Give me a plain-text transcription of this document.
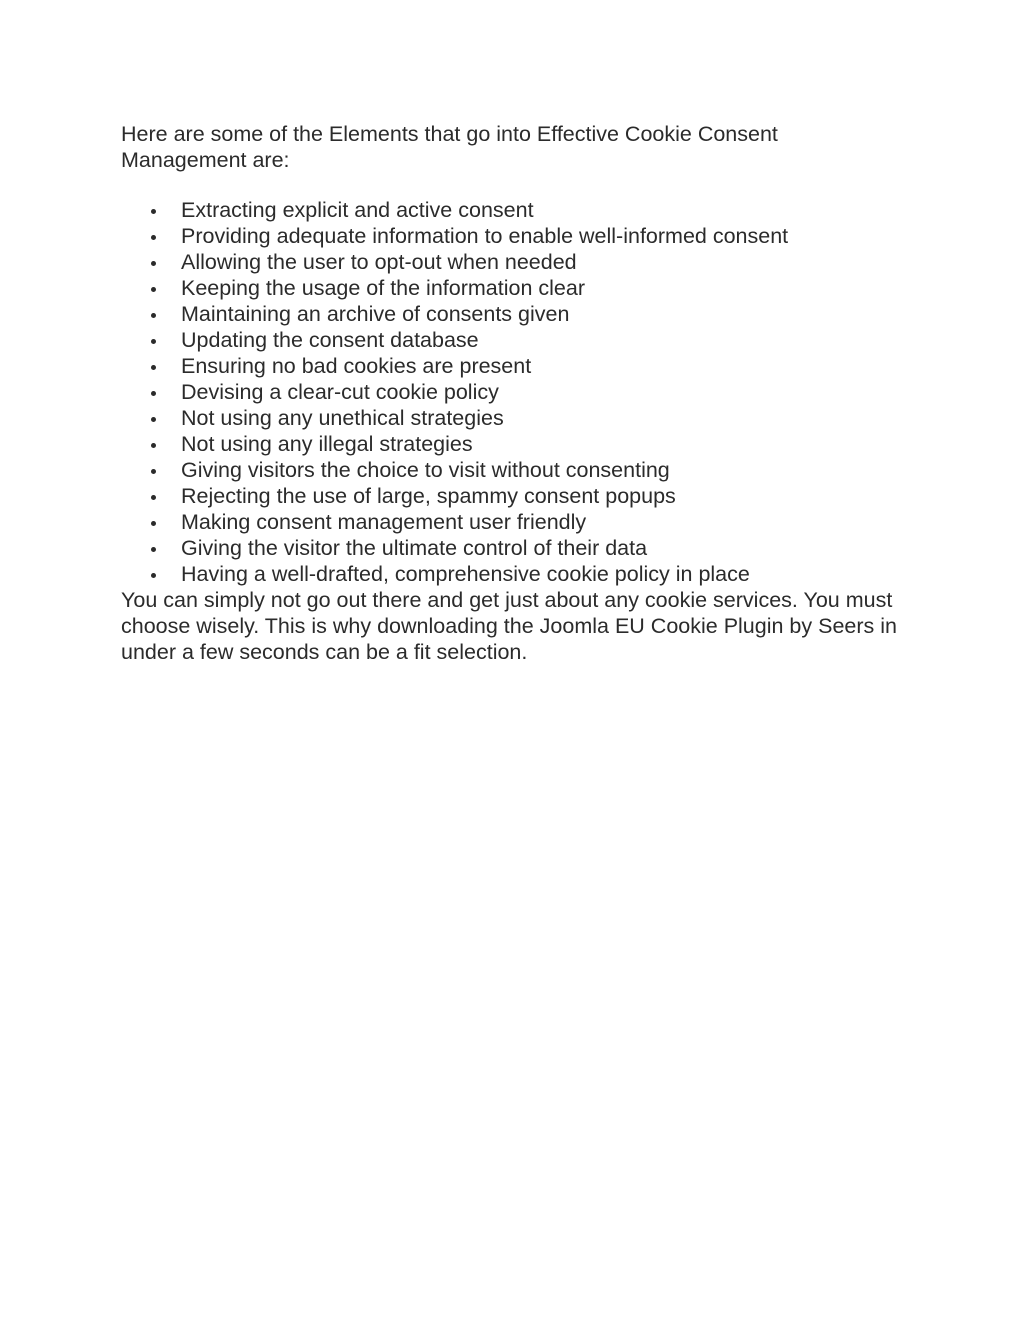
Here are some of the Elements that go into Effective Cookie Consent Management are:

Extracting explicit and active consent
Providing adequate information to enable well-informed consent
Allowing the user to opt-out when needed
Keeping the usage of the information clear
Maintaining an archive of consents given
Updating the consent database
Ensuring no bad cookies are present
Devising a clear-cut cookie policy
Not using any unethical strategies
Not using any illegal strategies
Giving visitors the choice to visit without consenting
Rejecting the use of large, spammy consent popups
Making consent management user friendly
Giving the visitor the ultimate control of their data
Having a well-drafted, comprehensive cookie policy in place

You can simply not go out there and get just about any cookie services. You must choose wisely. This is why downloading the Joomla EU Cookie Plugin by Seers in under a few seconds can be a fit selection.
